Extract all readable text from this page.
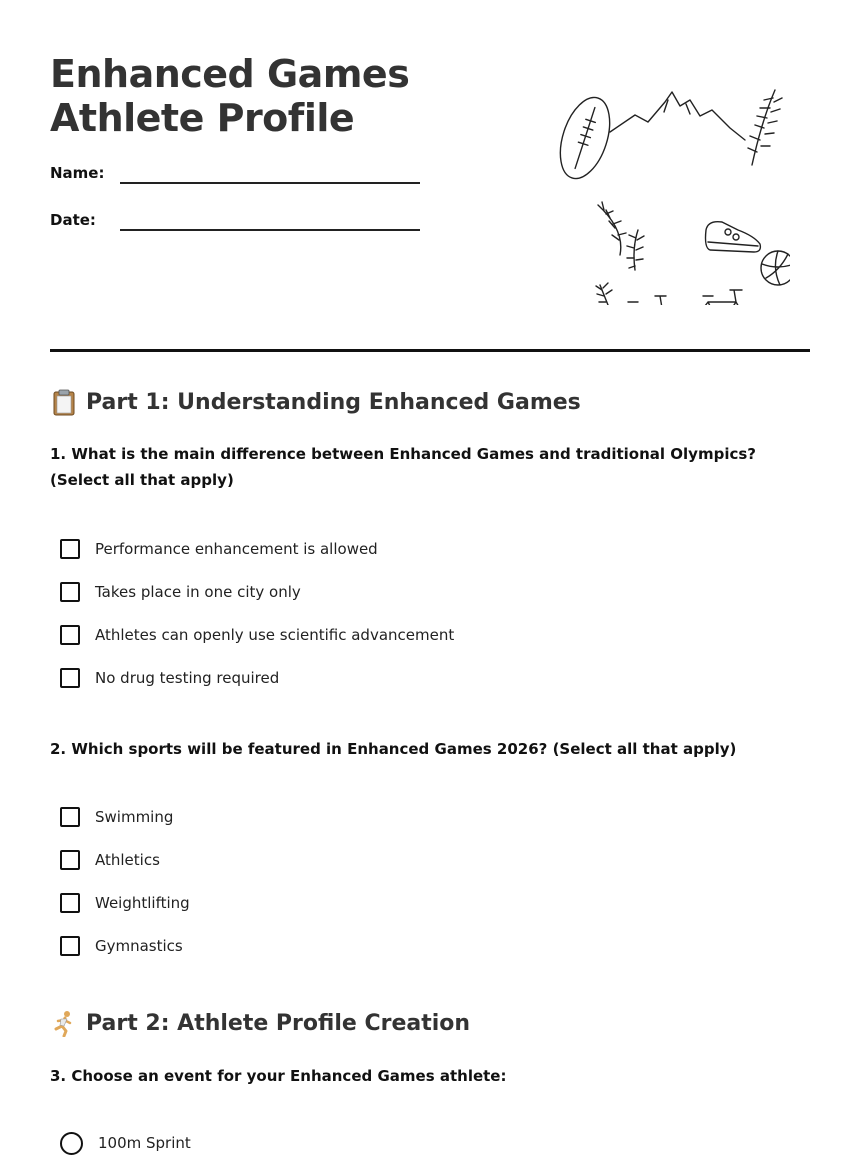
Enhanced Games
Athlete Profile
Name:
Date:
Part 1: Understanding Enhanced Games
1. What is the main difference between Enhanced Games and traditional Olympics? (Select all that apply)
Performance enhancement is allowed
Takes place in one city only
Athletes can openly use scientific advancement
No drug testing required
2. Which sports will be featured in Enhanced Games 2026? (Select all that apply)
Swimming
Athletics
Weightlifting
Gymnastics
Part 2: Athlete Profile Creation
3. Choose an event for your Enhanced Games athlete:
100m Sprint
